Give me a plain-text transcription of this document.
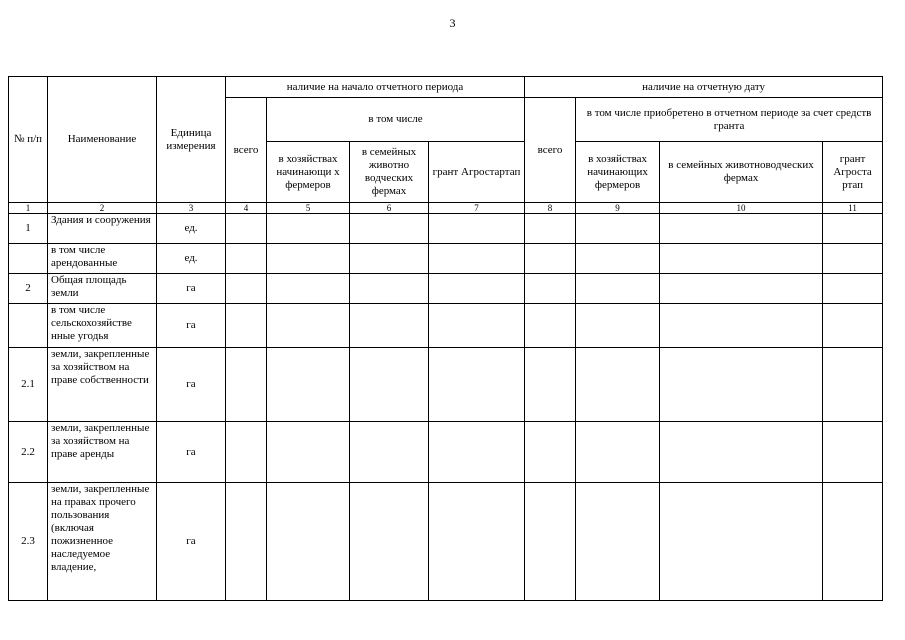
3
№ п/п	Наименование	Единица измерения	наличие на начало отчетного периода				наличие на отчетную дату			
			всего	в том числе			всего	в том числе приобретено в отчетном периоде за счет средств гранта		
				в хозяйствах начинающи х фермеров	в семейных животно водческих фермах	грант Агростартап		в хозяйствах начинающих фермеров	в семейных животноводческих фермах	грант Агроста ртап
1	2	3	4	5	6	7	8	9	10	11
1	Здания и сооружения	ед.								
	в том числе арендованные	ед.								
2	Общая площадь земли	га								
	в том числе сельскохозяйстве нные угодья	га								
2.1	земли, закрепленные за хозяйством на праве собственности	га								
2.2	земли, закрепленные за хозяйством на праве аренды	га								
2.3	земли, закрепленные на правах прочего пользования (включая пожизненное наследуемое владение,	га								
